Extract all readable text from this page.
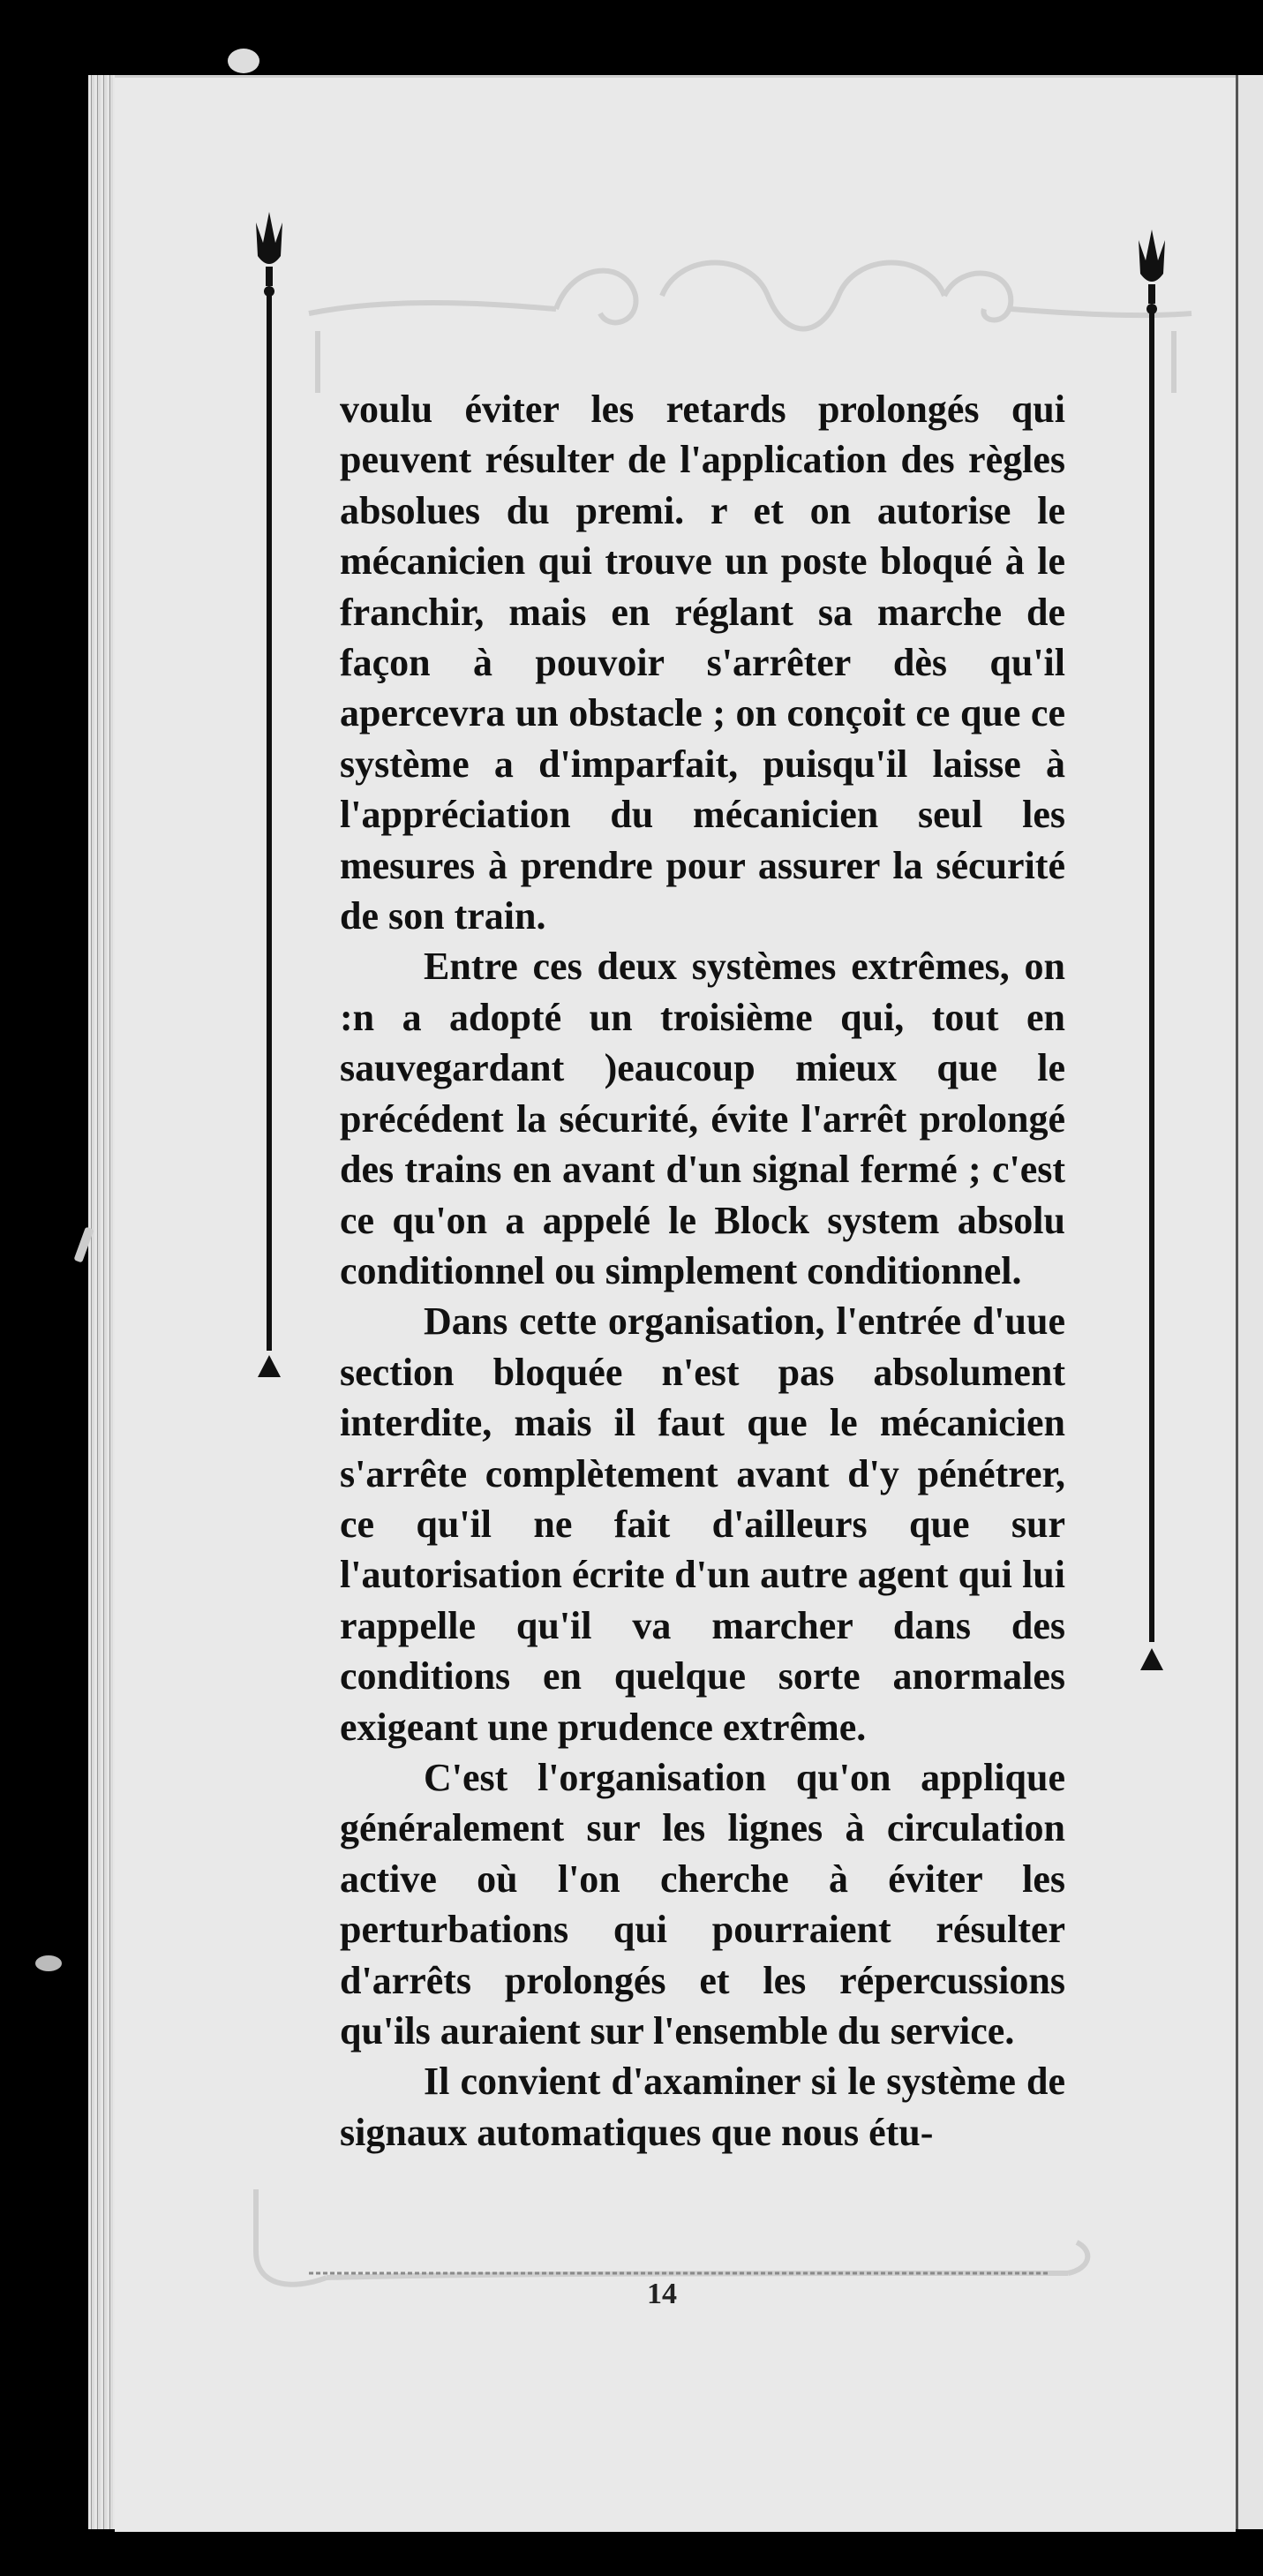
voulu éviter les retards prolongés qui peuvent résulter de l'application des règles absolues du premi. r et on autorise le mécanicien qui trouve un poste bloqué à le franchir, mais en réglant sa marche de façon à pouvoir s'arrêter dès qu'il apercevra un obstacle ; on conçoit ce que ce système a d'imparfait, puisqu'il laisse à l'appréciation du mécanicien seul les mesures à prendre pour assurer la sécurité de son train.

Entre ces deux systèmes extrêmes, on :n a adopté un troisième qui, tout en sauvegardant )eaucoup mieux que le précédent la sécurité, évite l'arrêt prolongé des trains en avant d'un signal fermé ; c'est ce qu'on a appelé le Block system absolu conditionnel ou simplement conditionnel.

Dans cette organisation, l'entrée d'uue section bloquée n'est pas absolument interdite, mais il faut que le mécanicien s'arrête complètement avant d'y pénétrer, ce qu'il ne fait d'ailleurs que sur l'autorisation écrite d'un autre agent qui lui rappelle qu'il va marcher dans des conditions en quelque sorte anormales exigeant une prudence extrême.

C'est l'organisation qu'on applique généralement sur les lignes à circulation active où l'on cherche à éviter les perturbations qui pourraient résulter d'arrêts prolongés et les répercussions qu'ils auraient sur l'ensemble du service.

Il convient d'axaminer si le système de signaux automatiques que nous étu-

14
